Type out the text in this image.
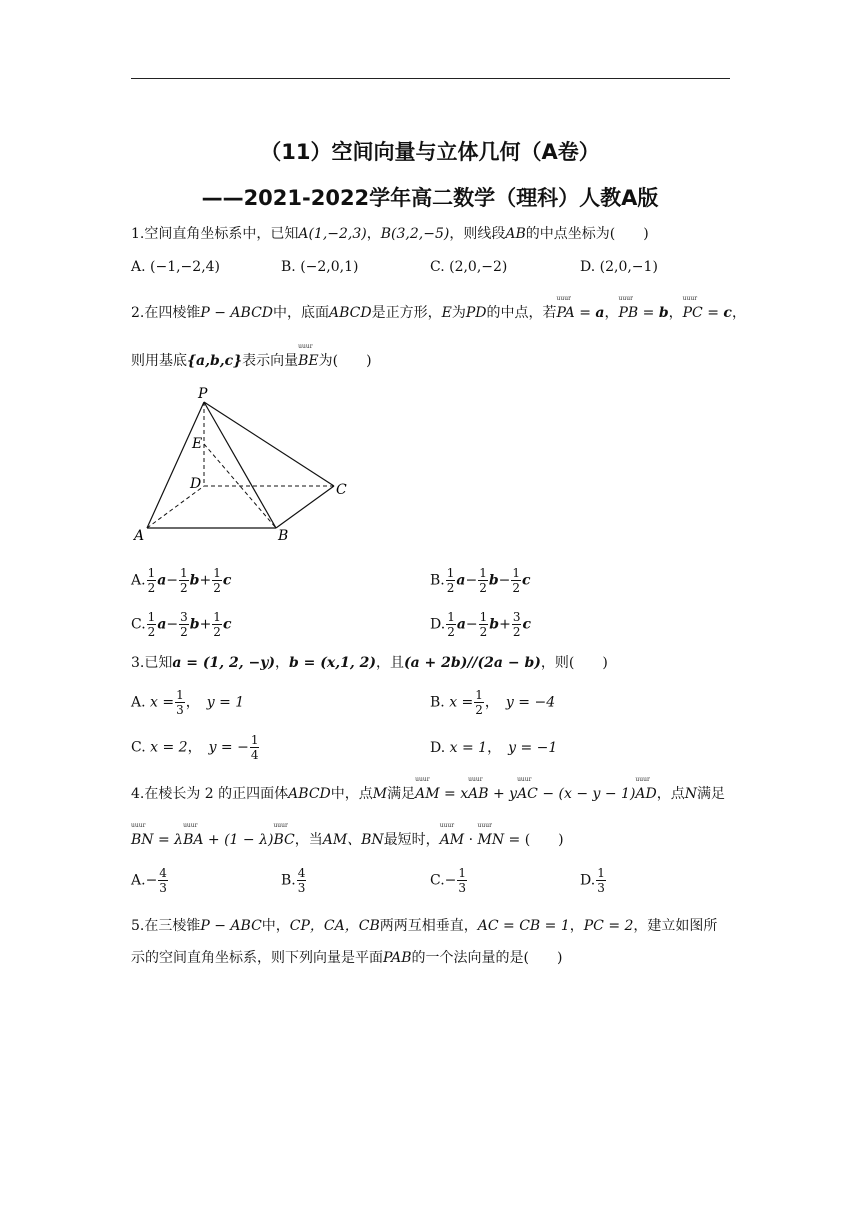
（11）空间向量与立体几何（A卷）
——2021-2022学年高二数学（理科）人教A版
1.空间直角坐标系中，已知A(1,−2,3)，B(3,2,−5)，则线段AB的中点坐标为(　　)
A. (−1,−2,4)	B. (−2,0,1)	C. (2,0,−2)	D. (2,0,−1)
2.在四棱锥P − ABCD中，底面ABCD是正方形，E为PD的中点，若uuur PA = a，uuur PB = b，uuur PC = c，
则用基底{a,b,c}表示向量uuur BE为(　　)
P
E
D	C
A	B
A. $\frac{1}{2} a- \frac{1}{2} b+ \frac{1}{2}$ c	B. $\frac{1}{2} a- \frac{1}{2} b- \frac{1}{2}$ c
C. $\frac{1}{2} a- \frac{3}{2} b+ \frac{1}{2}$ c	D. $\frac{1}{2} a- \frac{1}{2} b+ \frac{3}{2}$ c
3.已知a = (1, 2, −y)，b = (x,1, 2)，且(a + 2b)//(2a − b)，则(　　)
A. $x = \frac{1}{3}$ ，　y = 1	B. $x = \frac{1}{2}$ ，　y = −4
C. x = 2，　y = − $\frac{1}{4}$	D. x = 1，　y = −1
4.在棱长为 2 的正四面体ABCD中，点M满足uuur AM = xuuur AB + yuuur AC − (x − y − 1)uuur AD，点N满足
uuur BN = λuuur BA + (1 − λ)uuur BC，当AM、BN最短时，uuur AM · uuur MN = (　　)
$A.- \frac{4}{3}$	B. $\frac{4}{3}$	$C.- \frac{1}{3}$	D. $\frac{1}{3}$
5.在三棱锥P − ABC中，CP，CA，CB两两互相垂直，AC = CB = 1，PC = 2，建立如图所
示的空间直角坐标系，则下列向量是平面PAB的一个法向量的是(　　)
